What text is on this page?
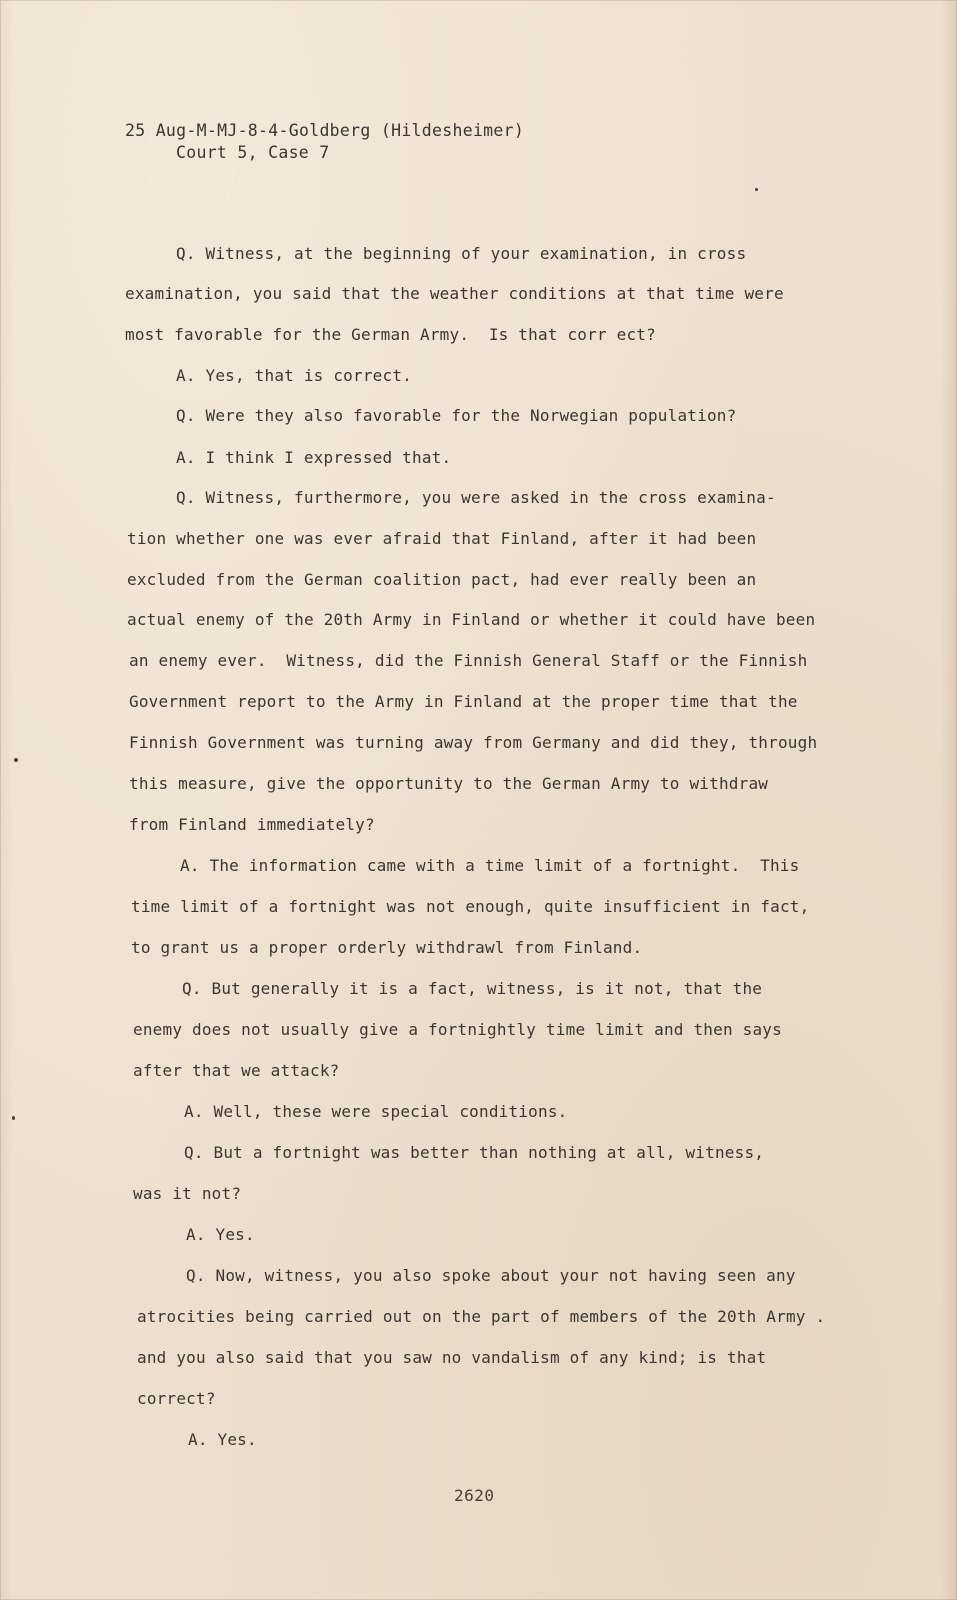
25 Aug-M-MJ-8-4-Goldberg (Hildesheimer)
Court 5, Case 7
Q. Witness, at the beginning of your examination, in cross
examination, you said that the weather conditions at that time were
most favorable for the German Army.  Is that corr ect?
A. Yes, that is correct.
Q. Were they also favorable for the Norwegian population?
A. I think I expressed that.
Q. Witness, furthermore, you were asked in the cross examina-
tion whether one was ever afraid that Finland, after it had been
excluded from the German coalition pact, had ever really been an
actual enemy of the 20th Army in Finland or whether it could have been
an enemy ever.  Witness, did the Finnish General Staff or the Finnish
Government report to the Army in Finland at the proper time that the
Finnish Government was turning away from Germany and did they, through
this measure, give the opportunity to the German Army to withdraw
from Finland immediately?
A. The information came with a time limit of a fortnight.  This
time limit of a fortnight was not enough, quite insufficient in fact,
to grant us a proper orderly withdrawl from Finland.
Q. But generally it is a fact, witness, is it not, that the
enemy does not usually give a fortnightly time limit and then says
after that we attack?
A. Well, these were special conditions.
Q. But a fortnight was better than nothing at all, witness,
was it not?
A. Yes.
Q. Now, witness, you also spoke about your not having seen any
atrocities being carried out on the part of members of the 20th Army .
and you also said that you saw no vandalism of any kind; is that
correct?
A. Yes.
2620
